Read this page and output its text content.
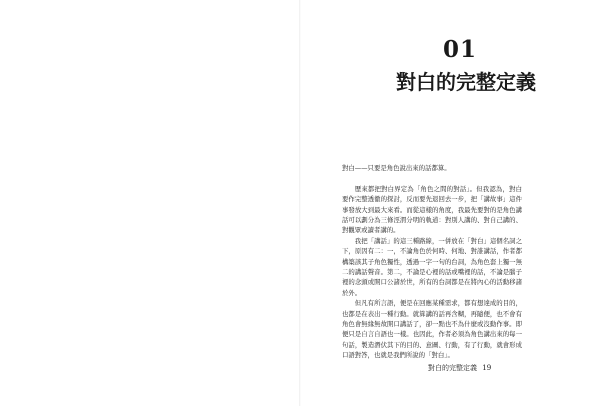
01
對白的完整定義

對白——只要是角色說出來的話都算。

歷來都把對白界定為「角色之間的對話」。但我認為，對白要作完整透徹的探討，反而要先退回去一步，把「講故事」這件事發放大到最大來看。而從這樣的角度，我最先要對的是角色講話可以劃分為三條涇渭分明的軌道：對別人講的、對自己講的、對觀眾或讀者講的。

我把「講話」的這三種路線，一併放在「對白」這個名詞之下，原因有二：一，不論角色於何時、何地、對誰講話，作者都構築該其子角色獨性，透過一字一句的台詞，為角色套上獨一無二的講話聲音。第二，不論是心裡的話或嘴裡的話，不論是腦子裡的念頭或開口公諸於世，所有的台詞都是在將內心的活動移諸於外。

但凡有所言語，便是在回應某種需求，都有想達成的目的，也都是在表出一種行動。就算講的話再含糊，再隨便，也不會有角色會無緣無故開口講話了，卻一點也不為什麼或沒動作事。即便只是自言自語也一樣。也因此，作者必須為角色講出來的每一句話，製造潛伏其下的目的、意圖、行動，有了行動，就會形成口語對答，也就是我們所說的「對白」。

對白的完整定義 19
